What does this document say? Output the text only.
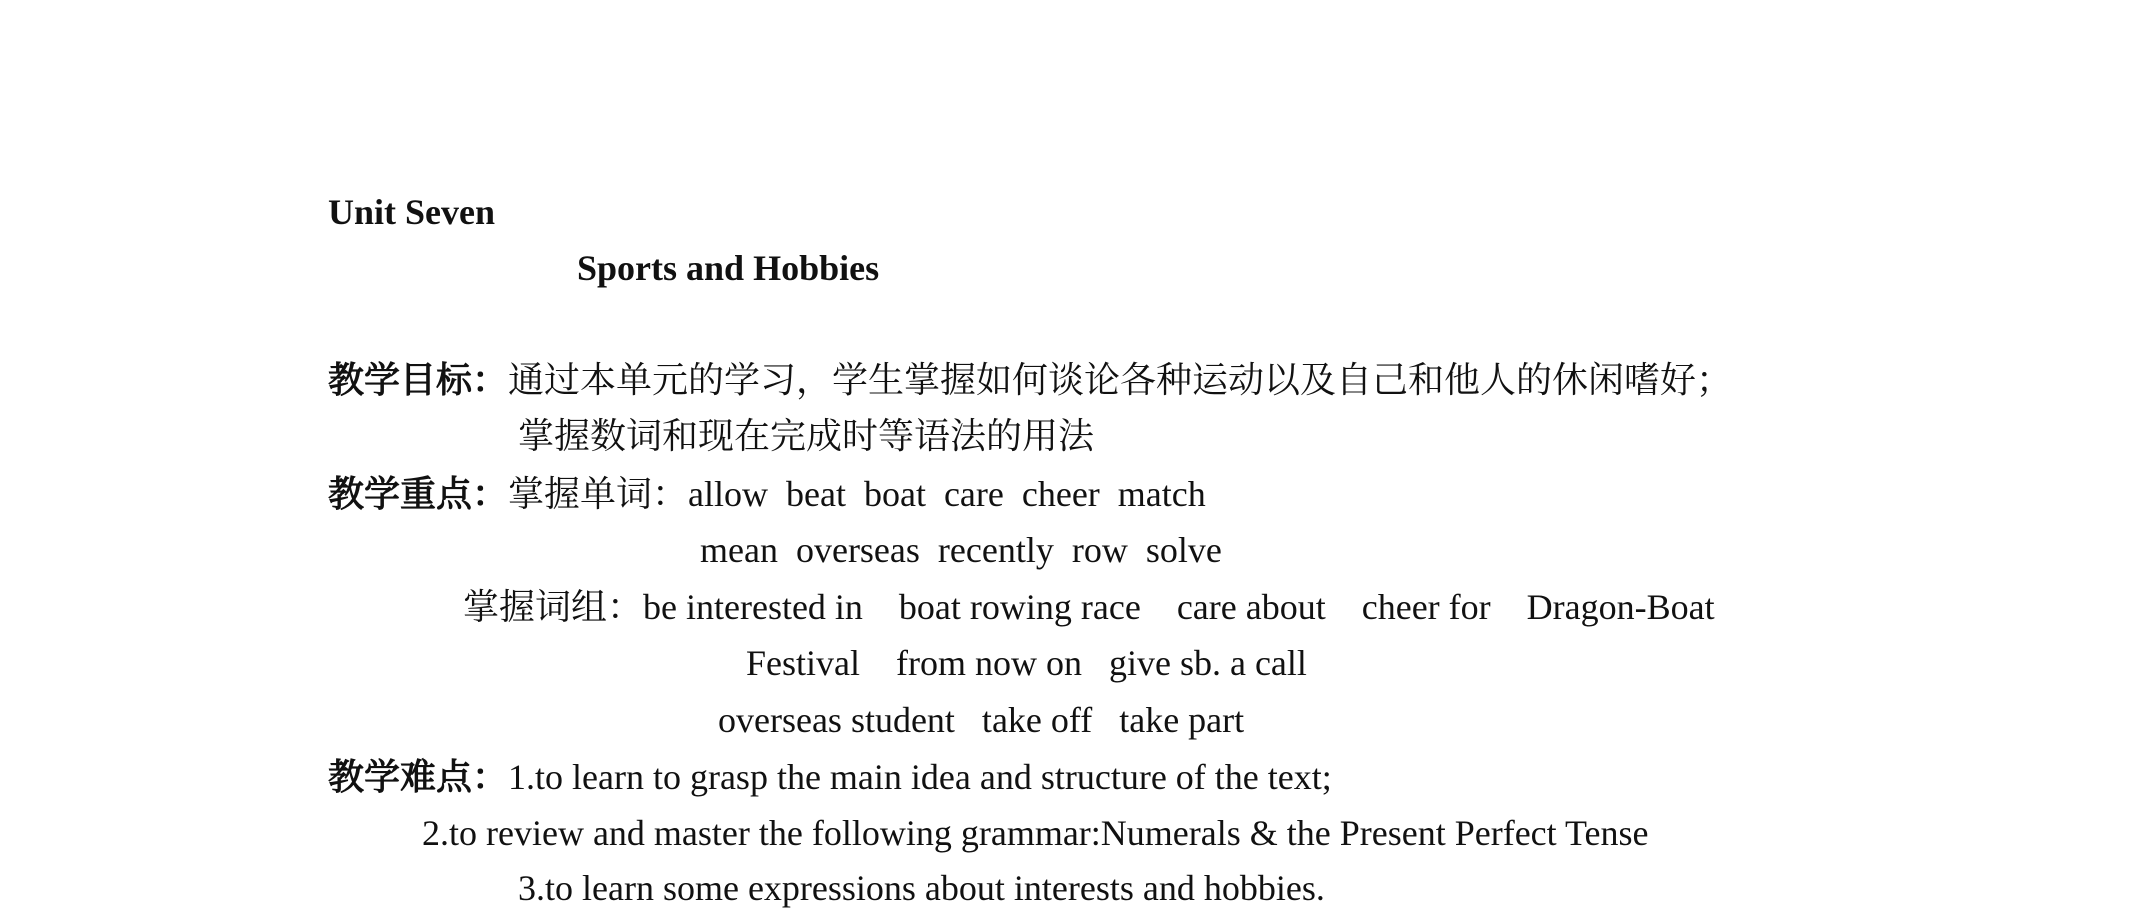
Unit Seven
Sports and Hobbies
教学目标：通过本单元的学习，学生掌握如何谈论各种运动以及自己和他人的休闲嗜好；
掌握数词和现在完成时等语法的用法
教学重点：掌握单词：allow  beat  boat  care  cheer  match
mean  overseas  recently  row  solve
掌握词组：be interested in    boat rowing race    care about    cheer for    Dragon-Boat
Festival    from now on   give sb. a call
overseas student   take off   take part
教学难点：1.to learn to grasp the main idea and structure of the text;
2.to review and master the following grammar:Numerals & the Present Perfect Tense
3.to learn some expressions about interests and hobbies.
